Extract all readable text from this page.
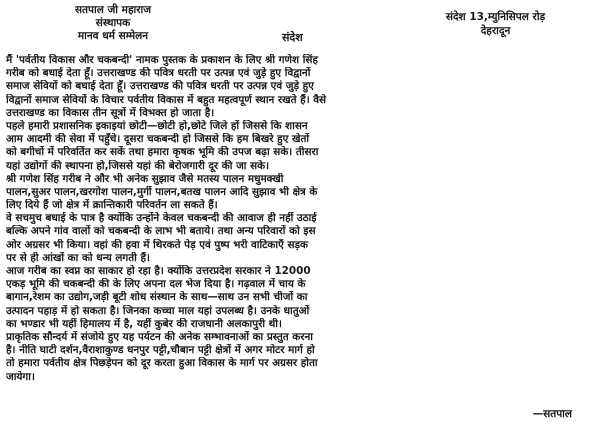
सतपाल जी महाराज
संस्थापक
मानव धर्म सम्मेलन	संदेश
संदेश 13,म्युनिसिपल रोड़
देहरादून
मैं 'पर्वतीय विकास और चकबन्दी' नामक पुस्तक के प्रकाशन के लिए श्री गणेश सिंह
गरीब को बधाई देता हूँ। उत्तराखण्ड की पवित्र धरती पर उत्पन्न एवं जुड़े हुए विद्वानों
समाज सेवियों को बधाई देता हूँ। उत्तराखण्ड की पवित्र धरती पर उत्पन्न एवं जुड़े हुए
विद्वानों समाज सेवियों के विचार पर्वतीय विकास में बहुत महत्वपूर्ण स्थान रखते हैं। वैसे
उत्तराखण्ड का विकास तीन सूत्रों में विभक्त हो जाता है।
पहले हमारी प्रशासनिक इकाइयां छोटी—छोटी हो,छोटे जिले हों जिससे कि शासन
आम आदमी की सेवा में पहुँचे। दूसरा चकबन्दी हो जिससे कि हम बिखरे हुए खेतों
को बगीचों में परिवर्तित कर सकें तथा हमारा कृषक भूमि की उपज बढ़ा सके। तीसरा
यहां उद्योगों की स्थापना हो,जिससे यहां की बेरोजगारी दूर की जा सके।
श्री गणेश सिंह गरीब ने और भी अनेक सुझाव जैसे मतस्य पालन मधुमक्खी
पालन,सुअर पालन,खरगोश पालन,मुर्गी पालन,बतख पालन आदि सुझाव भी क्षेत्र के
लिए दिये हैं जो क्षेत्र में क्रान्तिकारी परिवर्तन ला सकते हैं।
वे सचमुच बधाई के पात्र है क्योंकि उन्होंने केवल चकबन्दी की आवाज ही नहीं उठाई
बल्कि अपने गांव वालों को चकबन्दी के लाभ भी बताये। तथा अन्य परिवारों को इस
ओर अग्रसर भी किया। वहां की हवा में थिरकते पेड़ एवं पुष्प भरी वाटिकाएँ सड़क
पर से ही आंखों का को धन्य लगती हैं।
आज गरीब का स्वप्न का साकार हो रहा है। क्योंकि उत्तरप्रदेश सरकार ने 12000
एकड़ भूमि की चकबन्दी की के लिए अपना दल भेज दिया है। गढ़वाल में चाय के
बागान,रेशम का उद्योग,जड़ी बूटी शोध संस्थान के साथ—साथ उन सभी चीजों का
उत्पादन पहाड़ में हो सकता है। जिनका कच्चा माल यहां उपलब्ध है। उनके धातुओं
का भण्डार भी यहीं हिमालय में है, यहीं कुबेर की राजधानी अलकापुरी थी।
प्राकृतिक सौन्दर्य में संजोये हुए यह पर्यटन की अनेक सम्भावनाओं का प्रस्तुत करना
है। नीति घाटी दर्शन,वैराशाकुण्ड धनपुर पट्टी,चौबान पट्टी क्षेत्रों में अगर मोटर मार्ग हो
तो हमारा पर्वतीय क्षेत्र पिछड़ेपन को दूर करता हुआ विकास के मार्ग पर अग्रसर होता
जायेगा।
—सतपाल
